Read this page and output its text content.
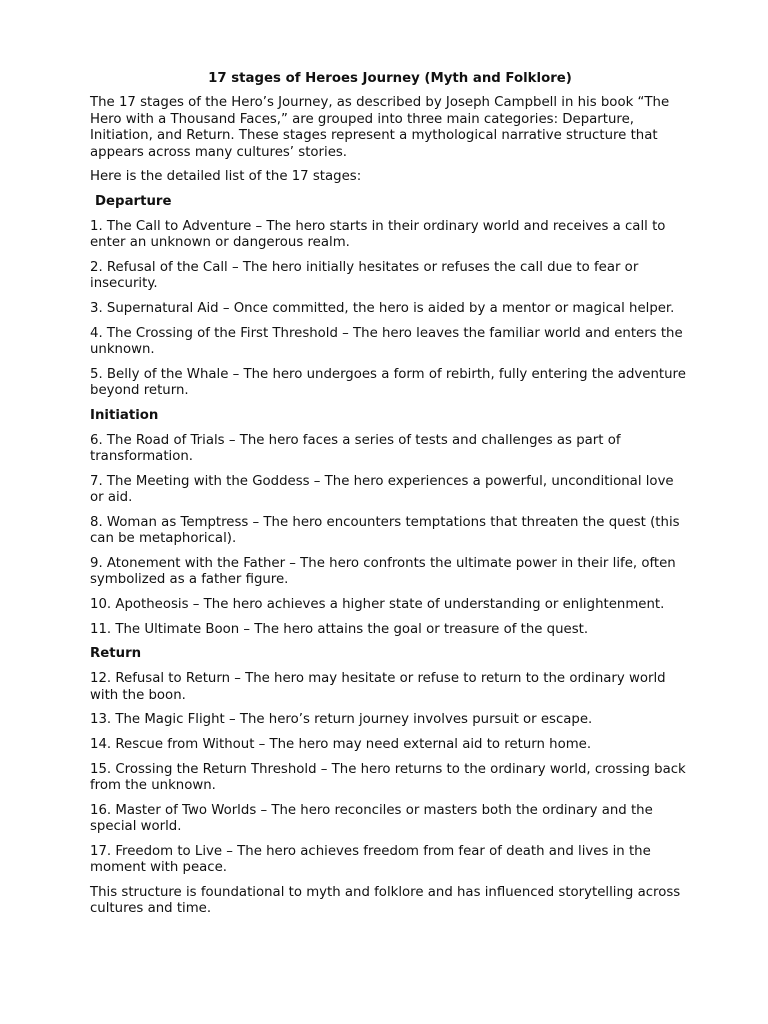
17 stages of Heroes Journey (Myth and Folklore)

The 17 stages of the Hero’s Journey, as described by Joseph Campbell in his book “The Hero with a Thousand Faces,” are grouped into three main categories: Departure, Initiation, and Return. These stages represent a mythological narrative structure that appears across many cultures’ stories.

Here is the detailed list of the 17 stages:

Departure

1. The Call to Adventure – The hero starts in their ordinary world and receives a call to enter an unknown or dangerous realm.

2. Refusal of the Call – The hero initially hesitates or refuses the call due to fear or insecurity.

3. Supernatural Aid – Once committed, the hero is aided by a mentor or magical helper.

4. The Crossing of the First Threshold – The hero leaves the familiar world and enters the unknown.

5. Belly of the Whale – The hero undergoes a form of rebirth, fully entering the adventure beyond return.

Initiation

6. The Road of Trials – The hero faces a series of tests and challenges as part of transformation.

7. The Meeting with the Goddess – The hero experiences a powerful, unconditional love or aid.

8. Woman as Temptress – The hero encounters temptations that threaten the quest (this can be metaphorical).

9. Atonement with the Father – The hero confronts the ultimate power in their life, often symbolized as a father figure.

10. Apotheosis – The hero achieves a higher state of understanding or enlightenment.

11. The Ultimate Boon – The hero attains the goal or treasure of the quest.

Return

12. Refusal to Return – The hero may hesitate or refuse to return to the ordinary world with the boon.

13. The Magic Flight – The hero’s return journey involves pursuit or escape.

14. Rescue from Without – The hero may need external aid to return home.

15. Crossing the Return Threshold – The hero returns to the ordinary world, crossing back from the unknown.

16. Master of Two Worlds – The hero reconciles or masters both the ordinary and the special world.

17. Freedom to Live – The hero achieves freedom from fear of death and lives in the moment with peace.

This structure is foundational to myth and folklore and has influenced storytelling across cultures and time.
